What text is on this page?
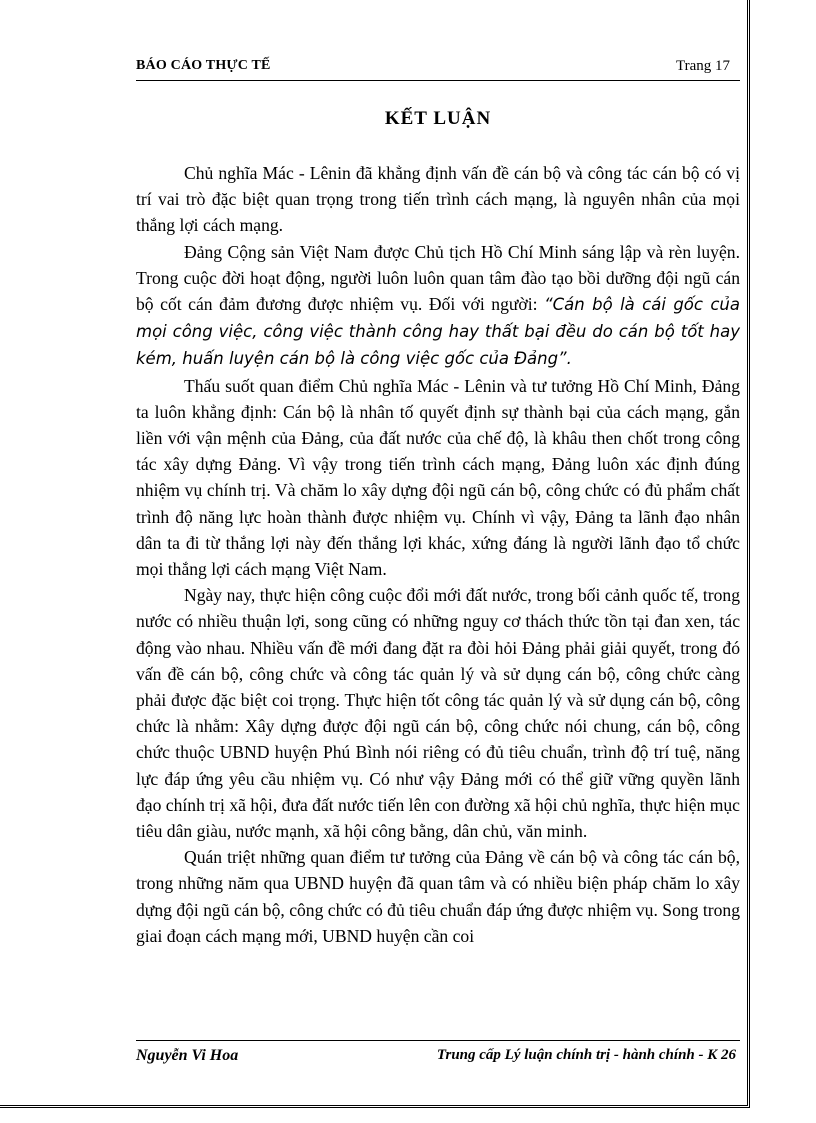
BÁO CÁO THỰC TẾ	Trang 17
KẾT LUẬN

Chủ nghĩa Mác - Lênin đã khẳng định vấn đề cán bộ và công tác cán bộ có vị trí vai trò đặc biệt quan trọng trong tiến trình cách mạng, là nguyên nhân của mọi thắng lợi cách mạng.

Đảng Cộng sản Việt Nam được Chủ tịch Hồ Chí Minh sáng lập và rèn luyện. Trong cuộc đời hoạt động, người luôn luôn quan tâm đào tạo bồi dưỡng đội ngũ cán bộ cốt cán đảm đương được nhiệm vụ. Đối với người: “Cán bộ là cái gốc của mọi công việc, công việc thành công hay thất bại đều do cán bộ tốt hay kém, huấn luyện cán bộ là công việc gốc của Đảng”.

Thấu suốt quan điểm Chủ nghĩa Mác - Lênin và tư tưởng Hồ Chí Minh, Đảng ta luôn khẳng định: Cán bộ là nhân tố quyết định sự thành bại của cách mạng, gắn liền với vận mệnh của Đảng, của đất nước của chế độ, là khâu then chốt trong công tác xây dựng Đảng. Vì vậy trong tiến trình cách mạng, Đảng luôn xác định đúng nhiệm vụ chính trị. Và chăm lo xây dựng đội ngũ cán bộ, công chức có đủ phẩm chất trình độ năng lực hoàn thành được nhiệm vụ. Chính vì vậy, Đảng ta lãnh đạo nhân dân ta đi từ thắng lợi này đến thắng lợi khác, xứng đáng là người lãnh đạo tổ chức mọi thắng lợi cách mạng Việt Nam.

Ngày nay, thực hiện công cuộc đổi mới đất nước, trong bối cảnh quốc tế, trong nước có nhiều thuận lợi, song cũng có những nguy cơ thách thức tồn tại đan xen, tác động vào nhau. Nhiều vấn đề mới đang đặt ra đòi hỏi Đảng phải giải quyết, trong đó vấn đề cán bộ, công chức và công tác quản lý và sử dụng cán bộ, công chức càng phải được đặc biệt coi trọng. Thực hiện tốt công tác quản lý và sử dụng cán bộ, công chức là nhằm: Xây dựng được đội ngũ cán bộ, công chức nói chung, cán bộ, công chức thuộc UBND huyện Phú Bình nói riêng có đủ tiêu chuẩn, trình độ trí tuệ, năng lực đáp ứng yêu cầu nhiệm vụ. Có như vậy Đảng mới có thể giữ vững quyền lãnh đạo chính trị xã hội, đưa đất nước tiến lên con đường xã hội chủ nghĩa, thực hiện mục tiêu dân giàu, nước mạnh, xã hội công bằng, dân chủ, văn minh.

Quán triệt những quan điểm tư tưởng của Đảng về cán bộ và công tác cán bộ, trong những năm qua UBND huyện đã quan tâm và có nhiều biện pháp chăm lo xây dựng đội ngũ cán bộ, công chức có đủ tiêu chuẩn đáp ứng được nhiệm vụ. Song trong giai đoạn cách mạng mới, UBND huyện cần coi

Nguyễn Vi Hoa	Trung cấp Lý luận chính trị - hành chính - K 26
